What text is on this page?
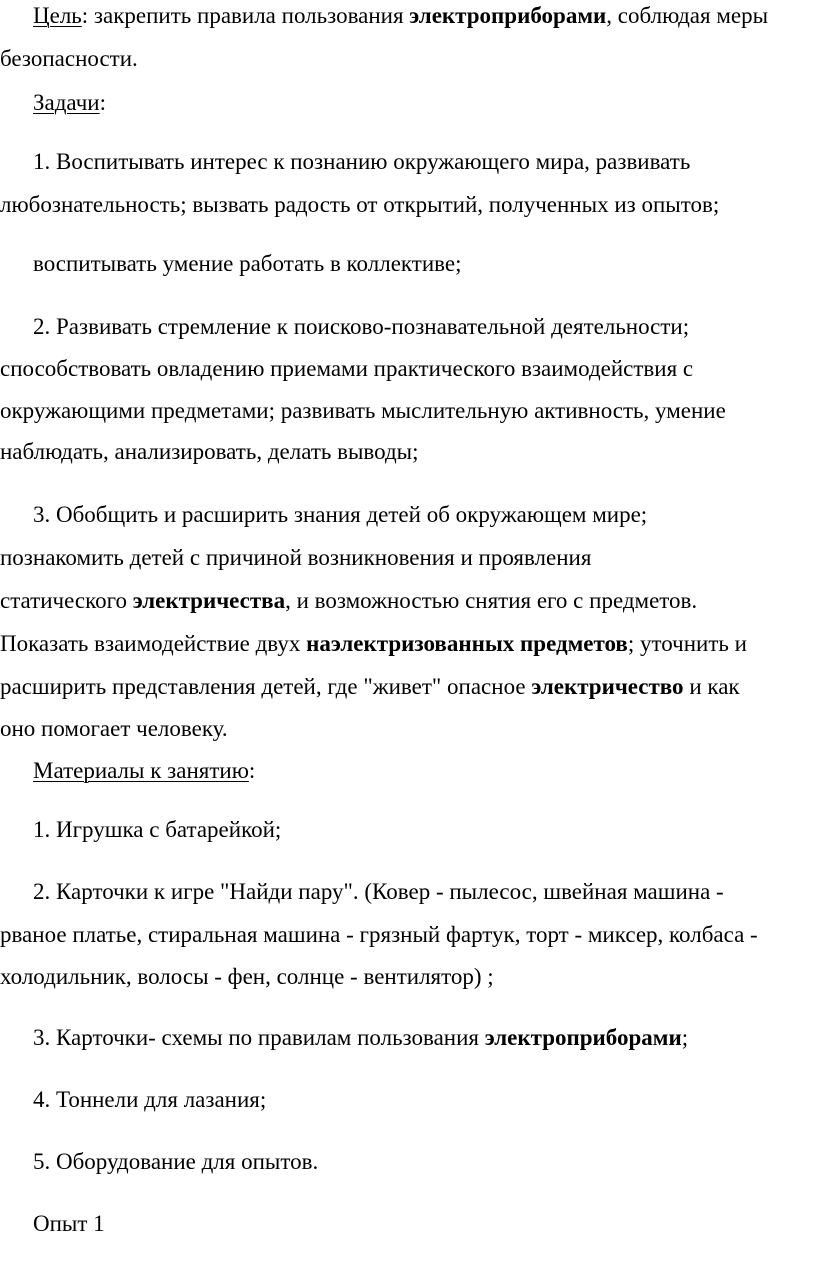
Цель: закрепить правила пользования электроприборами, соблюдая меры
безопасности.
Задачи:
1. Воспитывать интерес к познанию окружающего мира, развивать
любознательность; вызвать радость от открытий, полученных из опытов;
воспитывать умение работать в коллективе;
2. Развивать стремление к поисково-познавательной деятельности;
способствовать овладению приемами практического взаимодействия с
окружающими предметами; развивать мыслительную активность, умение
наблюдать, анализировать, делать выводы;
3. Обобщить и расширить знания детей об окружающем мире;
познакомить детей с причиной возникновения и проявления
статического электричества, и возможностью снятия его с предметов.
Показать взаимодействие двух наэлектризованных предметов; уточнить и
расширить представления детей, где "живет" опасное электричество и как
оно помогает человеку.
Материалы к занятию:
1. Игрушка с батарейкой;
2. Карточки к игре "Найди пару". (Ковер - пылесос, швейная машина -
рваное платье, стиральная машина - грязный фартук, торт - миксер, колбаса -
холодильник, волосы - фен, солнце - вентилятор) ;
3. Карточки- схемы по правилам пользования электроприборами;
4. Тоннели для лазания;
5. Оборудование для опытов.
Опыт 1
